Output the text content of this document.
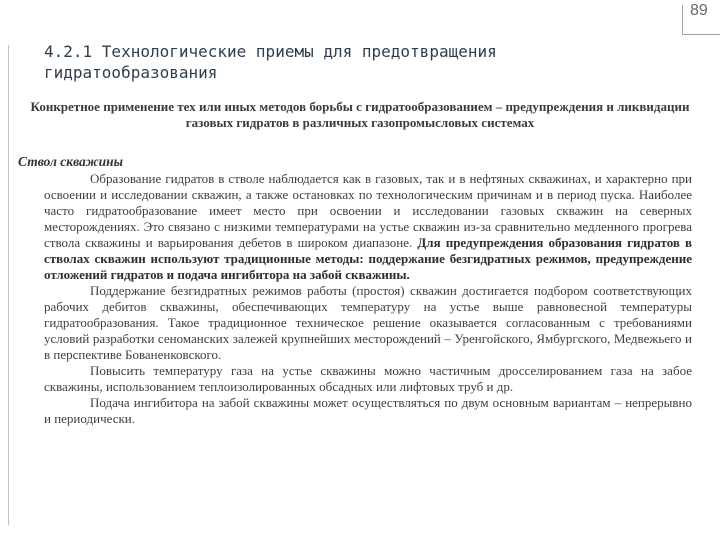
89
4.2.1 Технологические приемы для предотвращения гидратообразования
Конкретное применение тех или иных методов борьбы с гидратообразованием – предупреждения и ликвидации газовых гидратов в различных газопромысловых системах
Ствол скважины

Образование гидратов в стволе наблюдается как в газовых, так и в нефтяных скважинах, и характерно при освоении и исследовании скважин, а также остановках по технологическим причинам и в период пуска. Наиболее часто гидратообразование имеет место при освоении и исследовании газовых скважин на северных месторождениях. Это связано с низкими температурами на устье скважин из-за сравнительно медленного прогрева ствола скважины и варьирования дебетов в широком диапазоне. Для предупреждения образования гидратов в стволах скважин используют традиционные методы: поддержание безгидратных режимов, предупреждение отложений гидратов и подача ингибитора на забой скважины.

Поддержание безгидратных режимов работы (простоя) скважин достигается подбором соответствующих рабочих дебитов скважины, обеспечивающих температуру на устье выше равновесной температуры гидратообразования. Такое традиционное техническое решение оказывается согласованным с требованиями условий разработки сеноманских залежей крупнейших месторождений – Уренгойского, Ямбургского, Медвежьего и в перспективе Бованенковского.

Повысить температуру газа на устье скважины можно частичным дросселированием газа на забое скважины, использованием теплоизолированных обсадных или лифтовых труб и др.

Подача ингибитора на забой скважины может осуществляться по двум основным вариантам – непрерывно и периодически.
